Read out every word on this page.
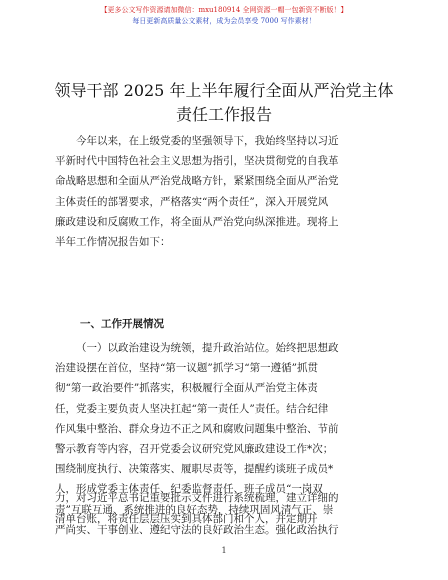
【更多公文写作资源请加微信：mxu180914 全网资源一帽一包新资不断版！】
每日更新高质量公文素材，成为会员享受 7000 写作素材！
领导干部 2025 年上半年履行全面从严治党主体
责任工作报告
今年以来，在上级党委的坚强领导下，我始终坚持以习近
平新时代中国特色社会主义思想为指引，坚决贯彻党的自我革
命战略思想和全面从严治党战略方针，紧紧围绕全面从严治党
主体责任的部署要求，严格落实“两个责任”，深入开展党风
廉政建设和反腐败工作，将全面从严治党向纵深推进。现将上
半年工作情况报告如下：
一、工作开展情况
（一）以政治建设为统领，提升政治站位。始终把思想政
治建设摆在首位，坚持“第一议题”抓学习“第一遵循”抓贯
彻“第一政治要件”抓落实，积极履行全面从严治党主体责
任，党委主要负责人坚决扛起“第一责任人”责任。结合纪律
作风集中整治、群众身边不正之风和腐败问题集中整治、节前
警示教育等内容，召开党委会议研究党风廉政建设工作*次；
围绕制度执行、决策落实、履职尽责等，提醒约谈班子成员*
人，形成党委主体责任、纪委监督责任、班子成员“一岗双
责”互联互通、系统推进的良好态势，持续巩固风清气正、崇
严尚实、干事创业、遵纪守法的良好政治生态。强化政治执行
力，对习近平总书记重要批示文件进行系统梳理，建立详细的
清单台账，将责任层层压实到具体部门和个人，并定期开
1
